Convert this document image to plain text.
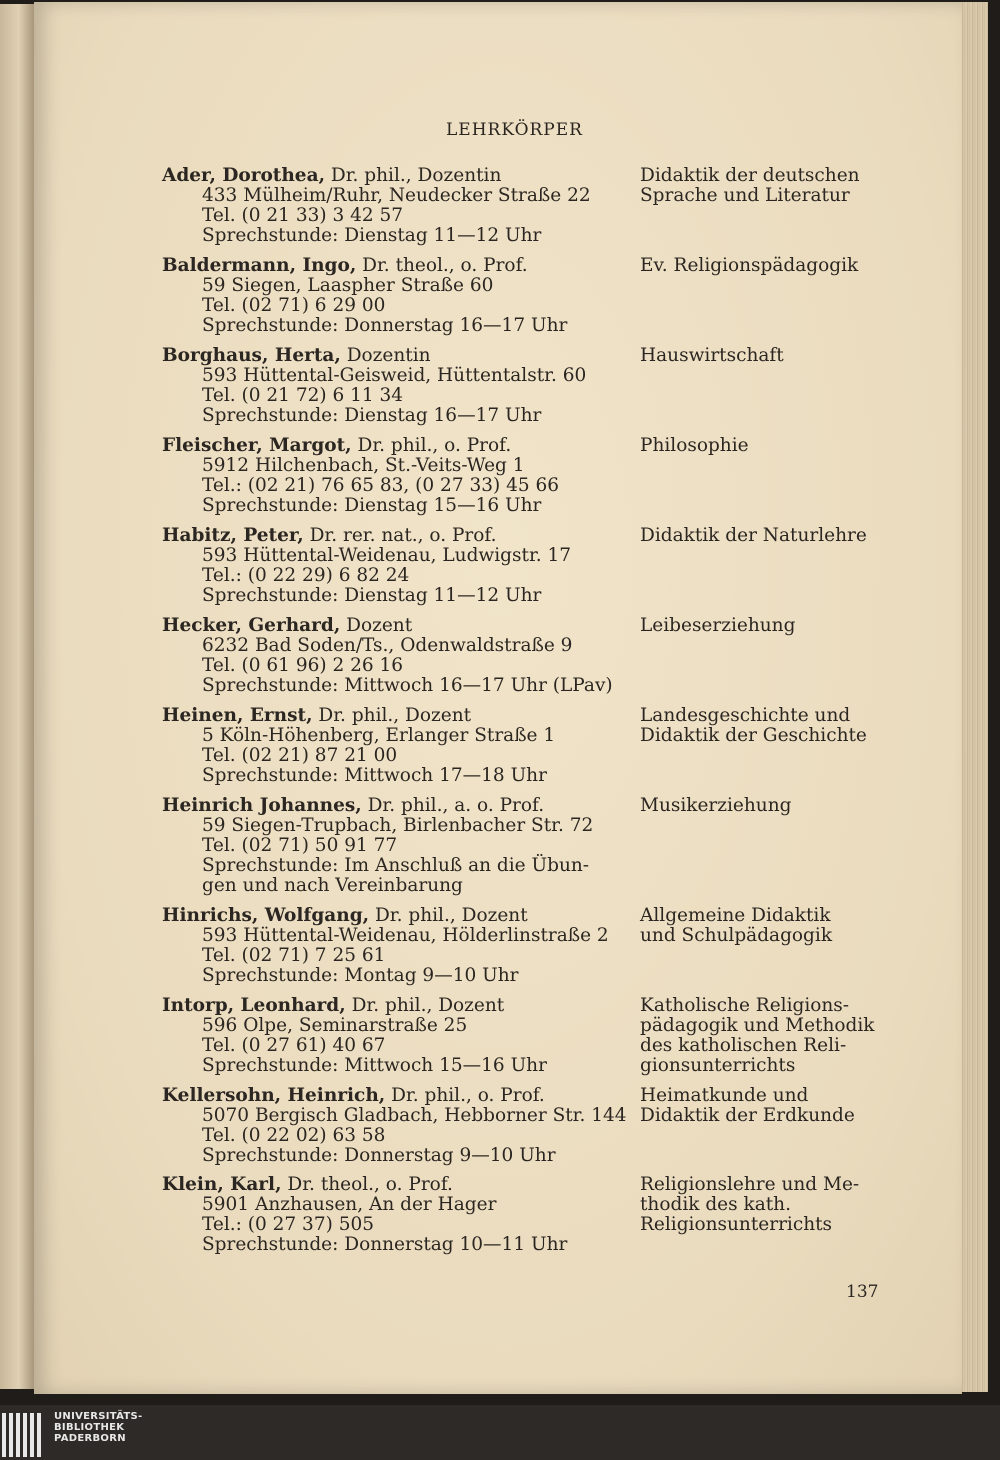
LEHRKÖRPER
Ader, Dorothea, Dr. phil., Dozentin
433 Mülheim/Ruhr, Neudecker Straße 22
Tel. (0 21 33) 3 42 57
Sprechstunde: Dienstag 11—12 Uhr
Didaktik der deutschen
Sprache und Literatur
Baldermann, Ingo, Dr. theol., o. Prof.
59 Siegen, Laaspher Straße 60
Tel. (02 71) 6 29 00
Sprechstunde: Donnerstag 16—17 Uhr
Ev. Religionspädagogik
Borghaus, Herta, Dozentin
593 Hüttental-Geisweid, Hüttentalstr. 60
Tel. (0 21 72) 6 11 34
Sprechstunde: Dienstag 16—17 Uhr
Hauswirtschaft
Fleischer, Margot, Dr. phil., o. Prof.
5912 Hilchenbach, St.-Veits-Weg 1
Tel.: (02 21) 76 65 83, (0 27 33) 45 66
Sprechstunde: Dienstag 15—16 Uhr
Philosophie
Habitz, Peter, Dr. rer. nat., o. Prof.
593 Hüttental-Weidenau, Ludwigstr. 17
Tel.: (0 22 29) 6 82 24
Sprechstunde: Dienstag 11—12 Uhr
Didaktik der Naturlehre
Hecker, Gerhard, Dozent
6232 Bad Soden/Ts., Odenwaldstraße 9
Tel. (0 61 96) 2 26 16
Sprechstunde: Mittwoch 16—17 Uhr (LPav)
Leibeserziehung
Heinen, Ernst, Dr. phil., Dozent
5 Köln-Höhenberg, Erlanger Straße 1
Tel. (02 21) 87 21 00
Sprechstunde: Mittwoch 17—18 Uhr
Landesgeschichte und
Didaktik der Geschichte
Heinrich Johannes, Dr. phil., a. o. Prof.
59 Siegen-Trupbach, Birlenbacher Str. 72
Tel. (02 71) 50 91 77
Sprechstunde: Im Anschluß an die Übun-
gen und nach Vereinbarung
Musikerziehung
Hinrichs, Wolfgang, Dr. phil., Dozent
593 Hüttental-Weidenau, Hölderlinstraße 2
Tel. (02 71) 7 25 61
Sprechstunde: Montag 9—10 Uhr
Allgemeine Didaktik
und Schulpädagogik
Intorp, Leonhard, Dr. phil., Dozent
596 Olpe, Seminarstraße 25
Tel. (0 27 61) 40 67
Sprechstunde: Mittwoch 15—16 Uhr
Katholische Religions-
pädagogik und Methodik
des katholischen Reli-
gionsunterrichts
Kellersohn, Heinrich, Dr. phil., o. Prof.
5070 Bergisch Gladbach, Hebborner Str. 144
Tel. (0 22 02) 63 58
Sprechstunde: Donnerstag 9—10 Uhr
Heimatkunde und
Didaktik der Erdkunde
Klein, Karl, Dr. theol., o. Prof.
5901 Anzhausen, An der Hager
Tel.: (0 27 37) 505
Sprechstunde: Donnerstag 10—11 Uhr
Religionslehre und Me-
thodik des kath.
Religionsunterrichts
137
UNIVERSITÄTS-
BIBLIOTHEK
PADERBORN
